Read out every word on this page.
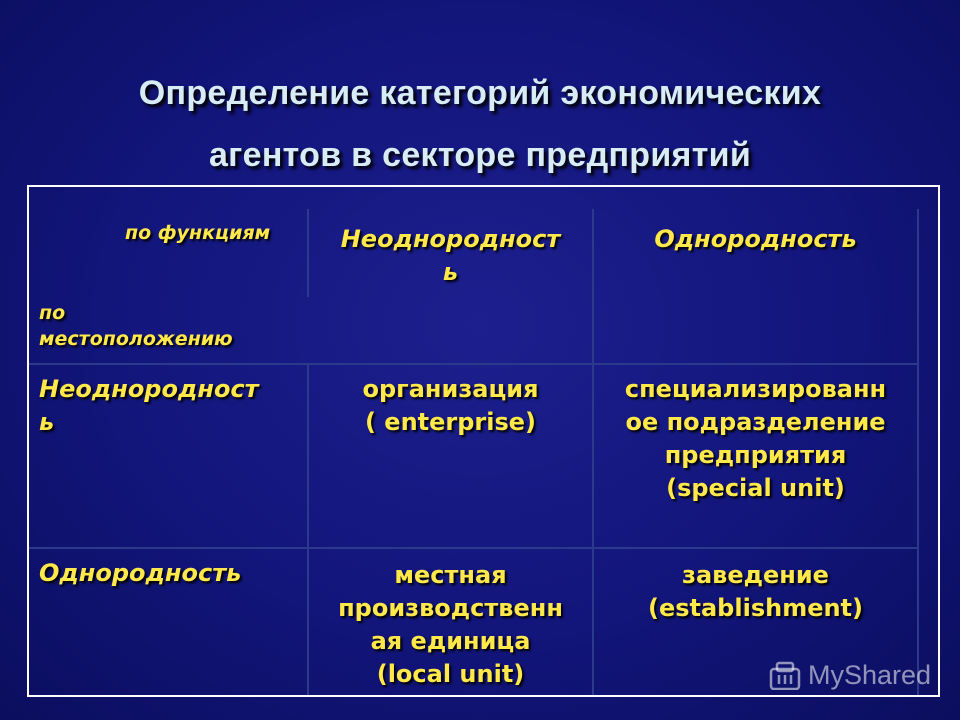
Определение категорий экономических
агентов в секторе предприятий
по функциям
по
местоположению
Неоднородност
ь
Однородность
Неоднородност
ь
организация
( enterprise)
специализированн
ое подразделение
предприятия
(special unit)
Однородность	местная
производственн
ая единица
(local unit)
заведение
(establishment)
MyShared
